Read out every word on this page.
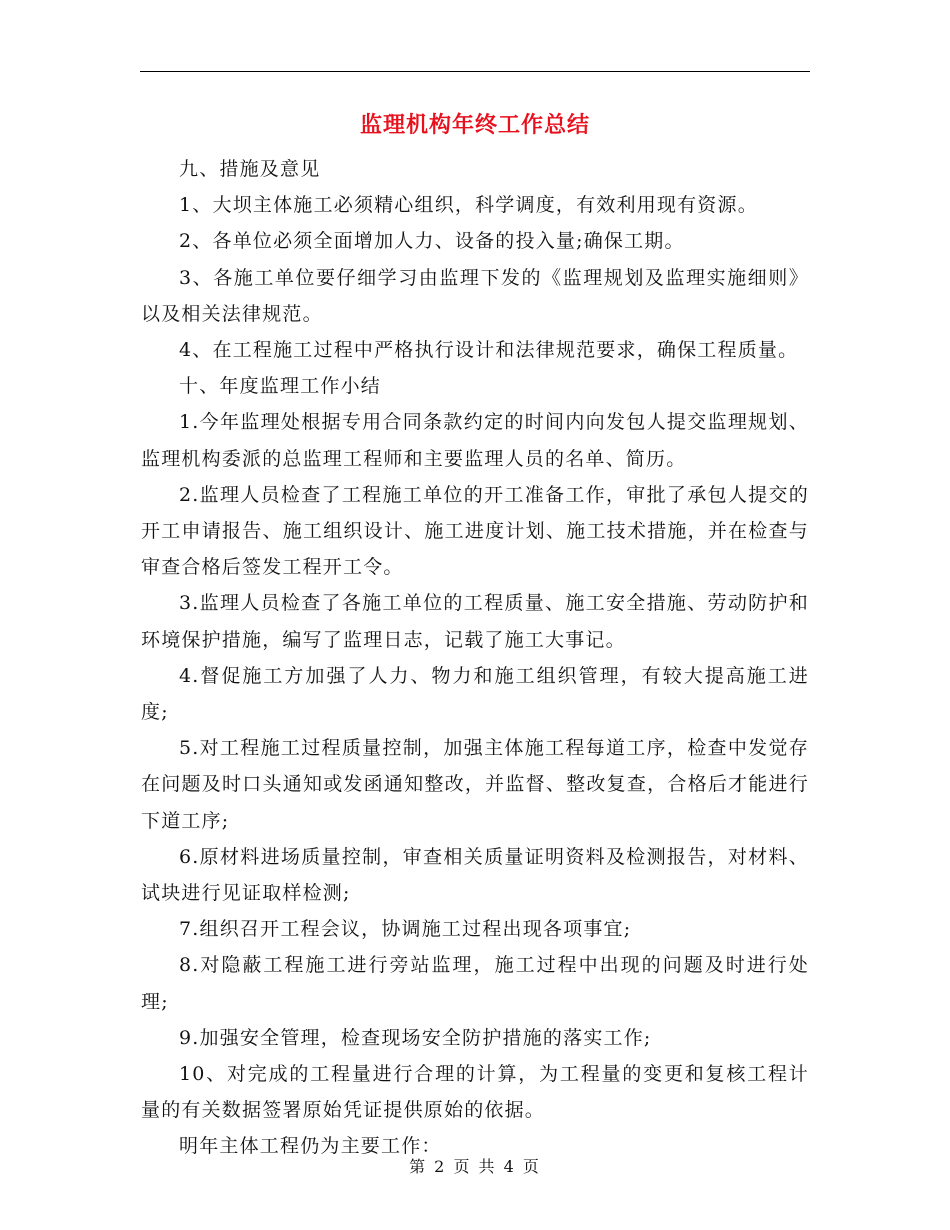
监理机构年终工作总结

九、措施及意见

1、大坝主体施工必须精心组织，科学调度，有效利用现有资源。

2、各单位必须全面增加人力、设备的投入量;确保工期。

3、各施工单位要仔细学习由监理下发的《监理规划及监理实施细则》以及相关法律规范。

4、在工程施工过程中严格执行设计和法律规范要求，确保工程质量。

十、年度监理工作小结

1.今年监理处根据专用合同条款约定的时间内向发包人提交监理规划、监理机构委派的总监理工程师和主要监理人员的名单、简历。

2.监理人员检查了工程施工单位的开工准备工作，审批了承包人提交的开工申请报告、施工组织设计、施工进度计划、施工技术措施，并在检查与审查合格后签发工程开工令。

3.监理人员检查了各施工单位的工程质量、施工安全措施、劳动防护和环境保护措施，编写了监理日志，记载了施工大事记。

4.督促施工方加强了人力、物力和施工组织管理，有较大提高施工进度;

5.对工程施工过程质量控制，加强主体施工程每道工序，检查中发觉存在问题及时口头通知或发函通知整改，并监督、整改复查，合格后才能进行下道工序;

6.原材料进场质量控制，审查相关质量证明资料及检测报告，对材料、试块进行见证取样检测;

7.组织召开工程会议，协调施工过程出现各项事宜;

8.对隐蔽工程施工进行旁站监理，施工过程中出现的问题及时进行处理;

9.加强安全管理，检查现场安全防护措施的落实工作;

10、对完成的工程量进行合理的计算，为工程量的变更和复核工程计量的有关数据签署原始凭证提供原始的依据。

明年主体工程仍为主要工作：

第 2 页 共 4 页
